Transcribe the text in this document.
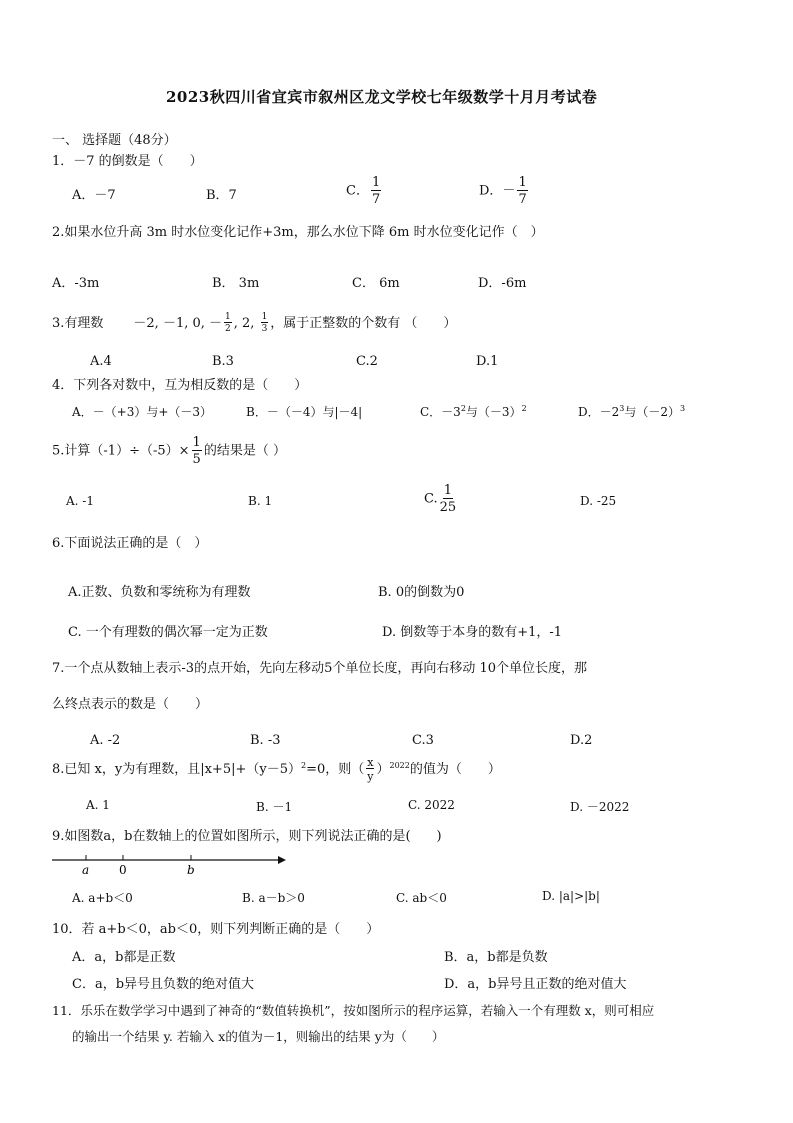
2023秋四川省宜宾市叙州区龙文学校七年级数学十月月考试卷
一、 选择题（48分）
1．－7 的倒数是（　　）
A．－7	B．7	C． $\frac{1}{7}$	D．－ $\frac{1}{7}$
2.如果水位升高 3m 时水位变化记作+3m，那么水位下降 6m 时水位变化记作（　）
A．-3m	B． 3m	C． 6m	D．-6m
3.有理数 －2, －1, 0, － $\frac{1}{2}$ , 2, $\frac{1}{3}$ ，属于正整数的个数有 （　　）
A.4	B.3	C.2	D.1
4．下列各对数中，互为相反数的是（　　）
A．－（+3）与+（－3）	B．－（－4）与|－4|	C．$-3^2$与$(-3)^2$	D．$-2^3$与$(-2)^3$
5.计算$(-1)\div(-5)\times \frac{1}{5}$ 的结果是（ ）
A. -1	B. 1	C. $\frac{1}{25}$	D. -25
6.下面说法正确的是（　）
A.正数、负数和零统称为有理数	B. 0的倒数为0
C. 一个有理数的偶次幂一定为正数	D. 倒数等于本身的数有+1，-1
7.一个点从数轴上表示-3的点开始，先向左移动5个单位长度，再向右移动 10个单位长度，那
么终点表示的数是（　　）
A. -2	B. -3	C.3	D.2
8.已知 x，y为有理数，且$|x+5|+(y-5)^2=0$，则（ $\frac{x}{y} )^{2022}$的值为（　　）
A. 1	B. －1	C. 2022	D. －2022
9.如图数a，b在数轴上的位置如图所示，则下列说法正确的是(　　)
a 0	b
A. a+b＜0	B. a－b＞0	C. ab＜0	D. |a|>|b|
10．若 a+b＜0，ab＜0，则下列判断正确的是（　　）
A．a，b都是正数	B．a，b都是负数
C．a，b异号且负数的绝对值大	D．a，b异号且正数的绝对值大
11．乐乐在数学学习中遇到了神奇的“数值转换机”，按如图所示的程序运算，若输入一个有理数 x，则可相应
的输出一个结果 y. 若输入 x的值为－1，则输出的结果 y为（　　）
